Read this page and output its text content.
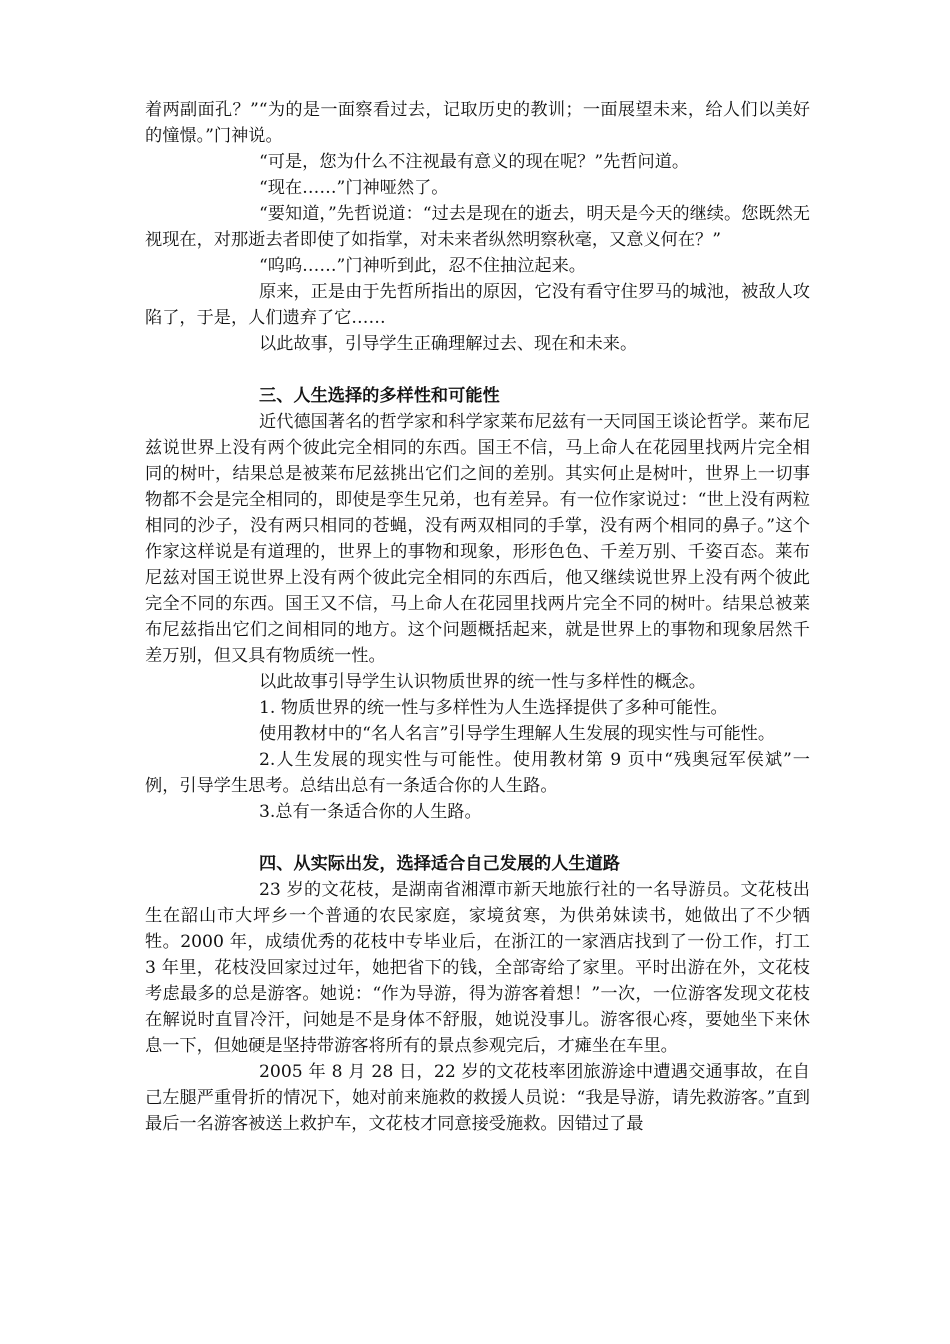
着两副面孔？”“为的是一面察看过去，记取历史的教训；一面展望未来，给人们以美好的憧憬。”门神说。

“可是，您为什么不注视最有意义的现在呢？”先哲问道。

“现在……”门神哑然了。

“要知道，”先哲说道：“过去是现在的逝去，明天是今天的继续。您既然无视现在，对那逝去者即使了如指掌，对未来者纵然明察秋毫，又意义何在？”

“呜呜……”门神听到此，忍不住抽泣起来。

原来，正是由于先哲所指出的原因，它没有看守住罗马的城池，被敌人攻陷了，于是，人们遗弃了它……

以此故事，引导学生正确理解过去、现在和未来。

三、人生选择的多样性和可能性

近代德国著名的哲学家和科学家莱布尼兹有一天同国王谈论哲学。莱布尼兹说世界上没有两个彼此完全相同的东西。国王不信，马上命人在花园里找两片完全相同的树叶，结果总是被莱布尼兹挑出它们之间的差别。其实何止是树叶，世界上一切事物都不会是完全相同的，即使是孪生兄弟，也有差异。有一位作家说过：“世上没有两粒相同的沙子，没有两只相同的苍蝇，没有两双相同的手掌，没有两个相同的鼻子。”这个作家这样说是有道理的，世界上的事物和现象，形形色色、千差万别、千姿百态。莱布尼兹对国王说世界上没有两个彼此完全相同的东西后，他又继续说世界上没有两个彼此完全不同的东西。国王又不信，马上命人在花园里找两片完全不同的树叶。结果总被莱布尼兹指出它们之间相同的地方。这个问题概括起来，就是世界上的事物和现象居然千差万别，但又具有物质统一性。

以此故事引导学生认识物质世界的统一性与多样性的概念。

1. 物质世界的统一性与多样性为人生选择提供了多种可能性。

使用教材中的“名人名言”引导学生理解人生发展的现实性与可能性。

2.人生发展的现实性与可能性。使用教材第 9 页中“残奥冠军侯斌”一例，引导学生思考。总结出总有一条适合你的人生路。

3.总有一条适合你的人生路。

四、从实际出发，选择适合自己发展的人生道路

23 岁的文花枝，是湖南省湘潭市新天地旅行社的一名导游员。文花枝出生在韶山市大坪乡一个普通的农民家庭，家境贫寒，为供弟妹读书，她做出了不少牺牲。2000 年，成绩优秀的花枝中专毕业后，在浙江的一家酒店找到了一份工作，打工 3 年里，花枝没回家过过年，她把省下的钱，全部寄给了家里。平时出游在外，文花枝考虑最多的总是游客。她说：“作为导游，得为游客着想！”一次，一位游客发现文花枝在解说时直冒冷汗，问她是不是身体不舒服，她说没事儿。游客很心疼，要她坐下来休息一下，但她硬是坚持带游客将所有的景点参观完后，才瘫坐在车里。

2005 年 8 月 28 日，22 岁的文花枝率团旅游途中遭遇交通事故，在自己左腿严重骨折的情况下，她对前来施救的救援人员说：“我是导游，请先救游客。”直到最后一名游客被送上救护车，文花枝才同意接受施救。因错过了最
